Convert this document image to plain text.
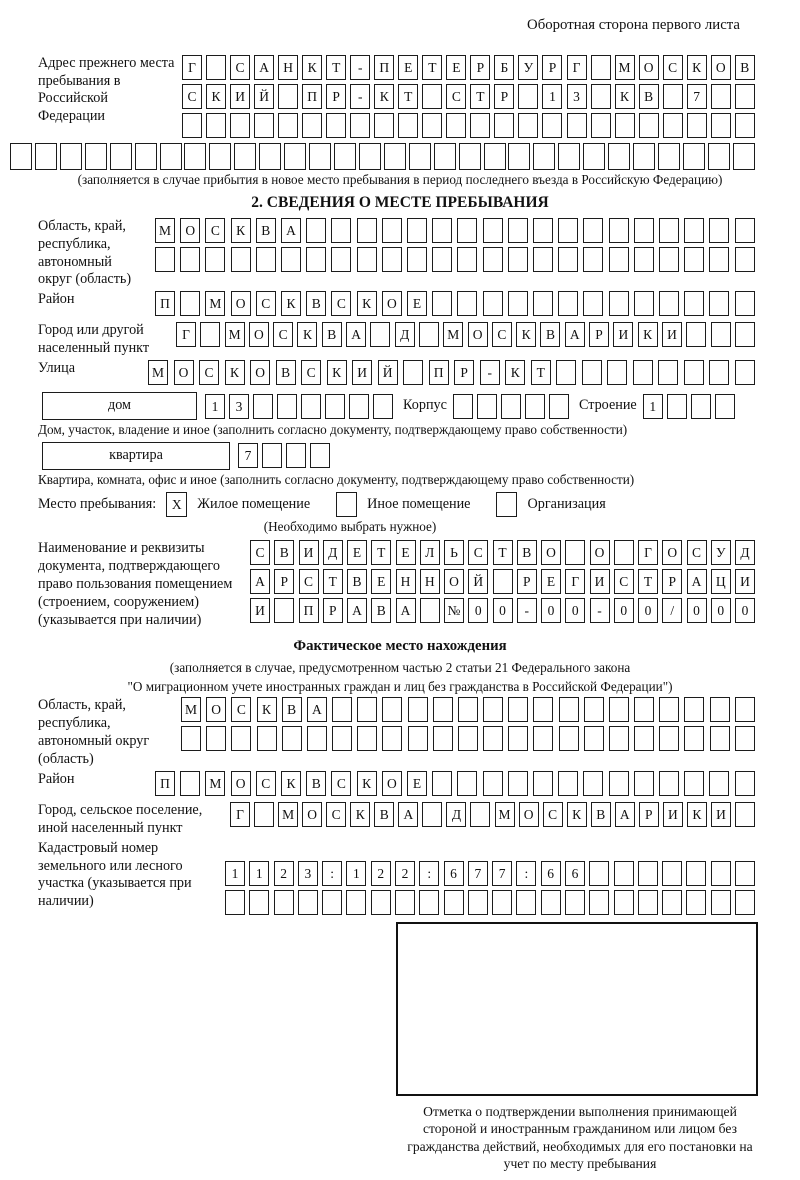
Оборотная сторона первого листа
Адрес прежнего места пребывания в Российской Федерации
Г	С	А	Н	К	Т	-	П	Е	Т	Е	Р	Б	У	Р	Г	М О	С	К	О	В
С	К	И	Й	П	Р	-	К	Т	С	Т	Р	1	3	К	В	7
(заполняется в случае прибытия в новое место пребывания в период последнего въезда в Российскую Федерацию)
2. СВЕДЕНИЯ О МЕСТЕ ПРЕБЫВАНИЯ
Область, край, республика, автономный округ (область)
М	О	С	К	В	А
Район	П	М	О	С	К	В	С	К	О	Е
Город или другой населенный пункт
Г	М О	С	К	В	А	Д	М О	С	К	В	А	Р	И	К	И
Улица	М	О	С	К	О	В	С	К	И	Й	П	Р	-	К	Т
дом	1	3	Корпус	Строение 1
Дом, участок, владение и иное (заполнить согласно документу, подтверждающему право собственности)
квартира	7
Квартира, комната, офис и иное (заполнить согласно документу, подтверждающему право собственности)
Место пребывания:	X	Жилое помещение	Иное помещение	Организация
(Необходимо выбрать нужное)
Наименование и реквизиты документа, подтверждающего право пользования помещением (строением, сооружением) (указывается при наличии)
С	В	И	Д	Е	Т	Е	Л	Ь	С	Т	В	О	О	Г	О	С	У	Д
А	Р	С	Т	В	Е	Н	Н	О	Й	Р	Е	Г	И	С	Т	Р	А	Ц	И
И	П	Р	А	В	А	№	0	0	-	0	0	-	0	0	/	0	0	0
Фактическое место нахождения
(заполняется в случае, предусмотренном частью 2 статьи 21 Федерального закона
"О миграционном учете иностранных граждан и лиц без гражданства в Российской Федерации")
Область, край, республика, автономный округ (область)
М	О	С	К	В	А
Район	П	М	О	С	К	В	С	К	О	Е
Город, сельское поселение, иной населенный пункт
Г	М О	С	К	В	А	Д	М О	С	К	В	А	Р	И	К	И
Кадастровый номер земельного или лесного участка (указывается при наличии)
1	1	2	3	:	1	2	2	:	6	7	7	:	6	6
Отметка о подтверждении выполнения принимающей стороной и иностранным гражданином или лицом без гражданства действий, необходимых для его постановки на учет по месту пребывания
